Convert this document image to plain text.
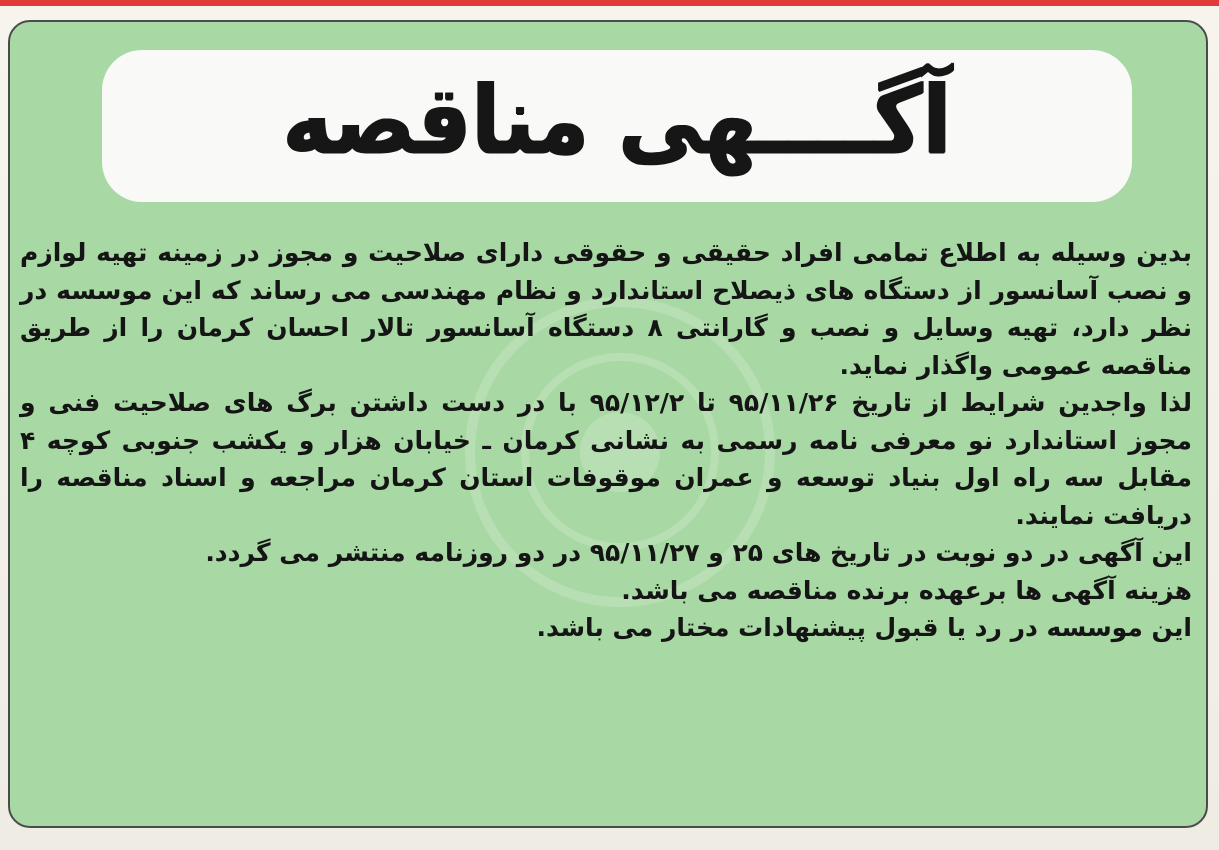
آگــــهی مناقصه

بدین وسیله به اطلاع تمامی افراد حقیقی و حقوقی دارای صلاحیت و مجوز در زمینه تهیه لوازم و نصب آسانسور از دستگاه های ذیصلاح استاندارد و نظام مهندسی می رساند که این موسسه در نظر دارد، تهیه وسایل و نصب و گارانتی ۸ دستگاه آسانسور تالار احسان کرمان را از طریق مناقصه عمومی واگذار نماید.

لذا واجدین شرایط از تاریخ ۹۵/۱۱/۲۶ تا ۹۵/۱۲/۲ با در دست داشتن برگ های صلاحیت فنی و مجوز استاندارد نو معرفی نامه رسمی به نشانی کرمان ـ خیابان هزار و یکشب جنوبی کوچه ۴ مقابل سه راه اول بنیاد توسعه و عمران موقوفات استان کرمان مراجعه و اسناد مناقصه را دریافت نمایند.

این آگهی در دو نوبت در تاریخ های ۲۵ و ۹۵/۱۱/۲۷ در دو روزنامه منتشر می گردد.

هزینه آگهی ها برعهده برنده مناقصه می باشد.

این موسسه در رد یا قبول پیشنهادات مختار می باشد.
